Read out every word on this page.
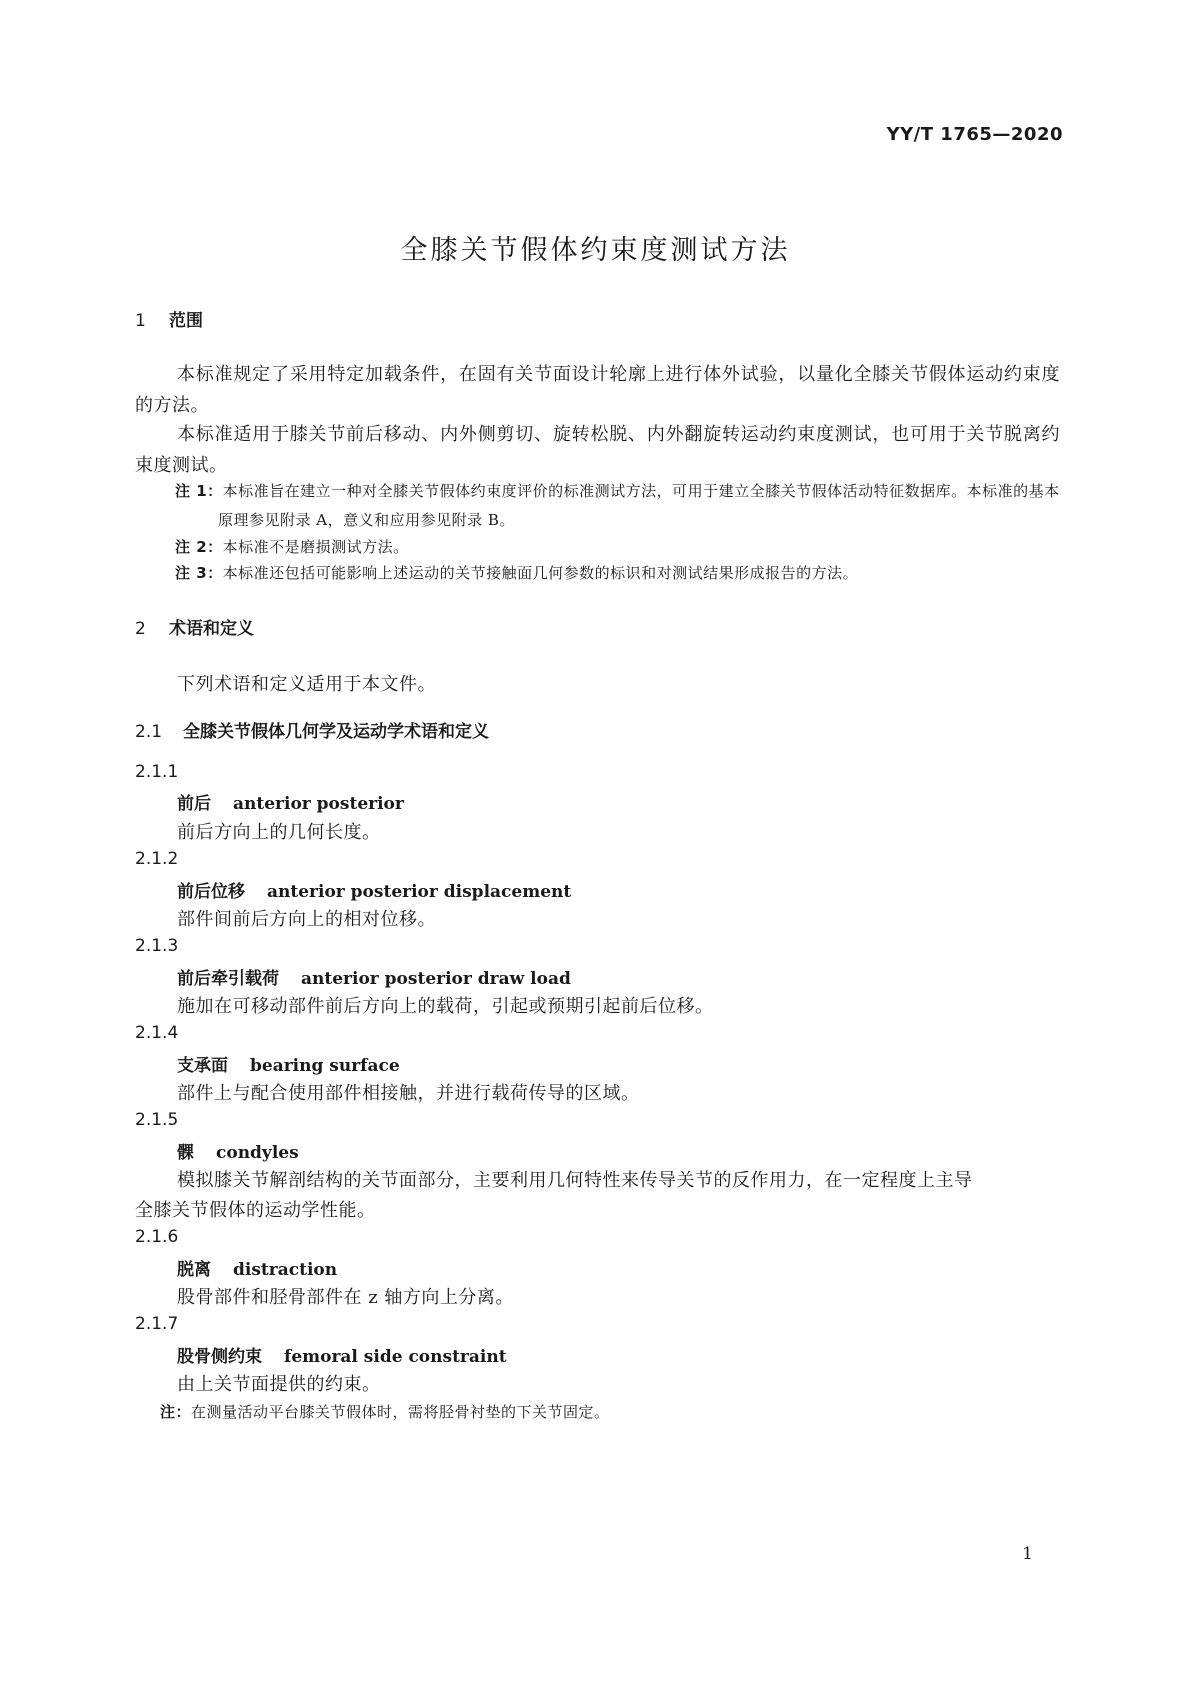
YY/T 1765—2020
全膝关节假体约束度测试方法
1 范围
本标准规定了采用特定加载条件，在固有关节面设计轮廓上进行体外试验，以量化全膝关节假体运动约束度的方法。
本标准适用于膝关节前后移动、内外侧剪切、旋转松脱、内外翻旋转运动约束度测试，也可用于关节脱离约束度测试。
注 1：本标准旨在建立一种对全膝关节假体约束度评价的标准测试方法，可用于建立全膝关节假体活动特征数据库。本标准的基本原理参见附录 A，意义和应用参见附录 B。
注 2：本标准不是磨损测试方法。
注 3：本标准还包括可能影响上述运动的关节接触面几何参数的标识和对测试结果形成报告的方法。
2 术语和定义
下列术语和定义适用于本文件。
2.1 全膝关节假体几何学及运动学术语和定义
2.1.1
前后 anterior posterior
前后方向上的几何长度。
2.1.2
前后位移 anterior posterior displacement
部件间前后方向上的相对位移。
2.1.3
前后牵引载荷 anterior posterior draw load
施加在可移动部件前后方向上的载荷，引起或预期引起前后位移。
2.1.4
支承面 bearing surface
部件上与配合使用部件相接触，并进行载荷传导的区域。
2.1.5
髁 condyles
模拟膝关节解剖结构的关节面部分，主要利用几何特性来传导关节的反作用力，在一定程度上主导
全膝关节假体的运动学性能。
2.1.6
脱离 distraction
股骨部件和胫骨部件在 z 轴方向上分离。
2.1.7
股骨侧约束 femoral side constraint
由上关节面提供的约束。
注：在测量活动平台膝关节假体时，需将胫骨衬垫的下关节固定。
1
